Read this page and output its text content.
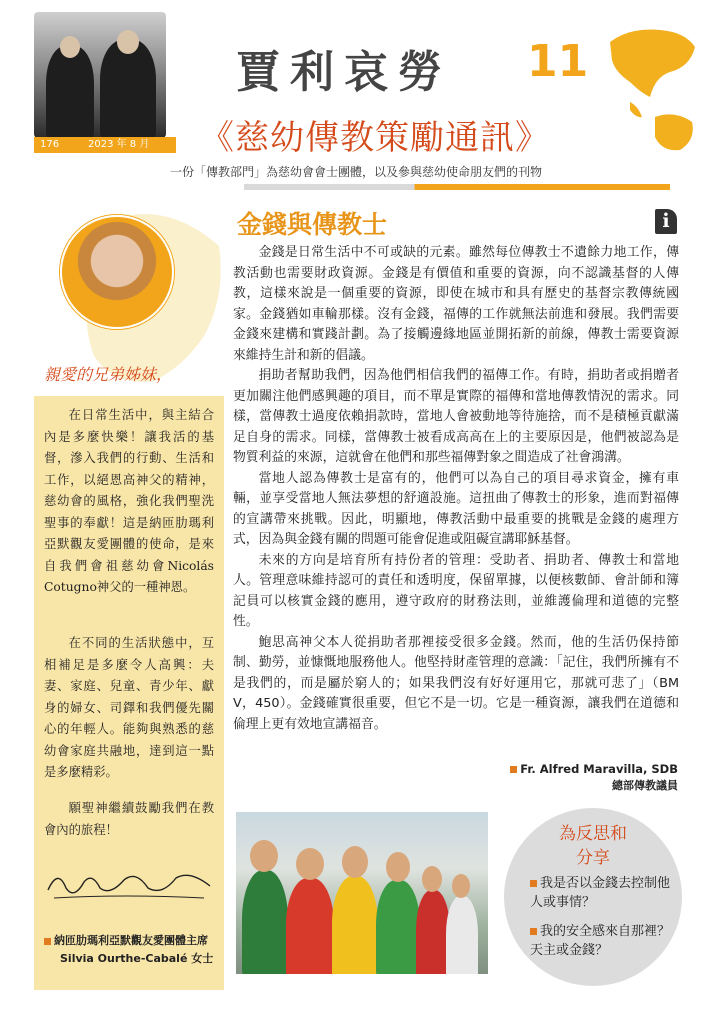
176	2023 年 8 月
賈利哀勞 11
《慈幼傳教策勵通訊》
一份「傳教部門」為慈幼會會士團體，以及參與慈幼使命朋友們的刊物
親愛的兄弟姊妹，
在日常生活中，與主結合內是多麼快樂！讓我活的基督，滲入我們的行動、生活和工作，以絕恩高神父的精神，慈幼會的風格，強化我們聖洗聖事的奉獻！這是納匝肋瑪利亞默觀友愛團體的使命，是來自我們會祖慈幼會Nicolás Cotugno神父的一種神恩。
在不同的生活狀態中，互相補足是多麼令人高興：夫妻、家庭、兒童、青少年、獻身的婦女、司鐸和我們優先關心的年輕人。能夠與熟悉的慈幼會家庭共融地，達到這一點是多麼精彩。
願聖神繼續鼓勵我們在教會內的旅程！
納匝肋瑪利亞默觀友愛團體主席
Silvia Ourthe-Cabalé 女士
金錢與傳教士	i

金錢是日常生活中不可或缺的元素。雖然每位傳教士不遺餘力地工作，傳教活動也需要財政資源。金錢是有價值和重要的資源，向不認識基督的人傳教，這樣來說是一個重要的資源，即使在城市和具有歷史的基督宗教傳統國家。金錢猶如車輪那樣。沒有金錢，福傳的工作就無法前進和發展。我們需要金錢來建構和實踐計劃。為了接觸邊緣地區並開拓新的前線，傳教士需要資源來維持生計和新的倡議。

捐助者幫助我們，因為他們相信我們的福傳工作。有時，捐助者或捐贈者更加關注他們感興趣的項目，而不單是實際的福傳和當地傳教情況的需求。同樣，當傳教士過度依賴捐款時，當地人會被動地等待施捨，而不是積極貢獻滿足自身的需求。同樣，當傳教士被看成高高在上的主要原因是，他們被認為是物質利益的來源，這就會在他們和那些福傳對象之間造成了社會鴻溝。

當地人認為傳教士是富有的，他們可以為自己的項目尋求資金，擁有車輛，並享受當地人無法夢想的舒適設施。這扭曲了傳教士的形象，進而對福傳的宣講帶來挑戰。因此，明顯地，傳教活動中最重要的挑戰是金錢的處理方式，因為與金錢有關的問題可能會促進或阻礙宣講耶穌基督。

未來的方向是培育所有持份者的管理：受助者、捐助者、傳教士和當地人。管理意味維持認可的責任和透明度，保留單據，以便核數師、會計師和簿記員可以核實金錢的應用，遵守政府的財務法則，並維護倫理和道德的完整性。

鮑思高神父本人從捐助者那裡接受很多金錢。然而，他的生活仍保持節制、勤勞，並慷慨地服務他人。他堅持財產管理的意識：「記住，我們所擁有不是我們的，而是屬於窮人的；如果我們沒有好好運用它，那就可悲了」（BM V，450）。金錢確實很重要，但它不是一切。它是一種資源，讓我們在道德和倫理上更有效地宣講福音。

Fr. Alfred Maravilla, SDB
總部傳教議員
為反思和
分享
我是否以金錢去控制他人或事情？
我的安全感來自那裡？天主或金錢？
